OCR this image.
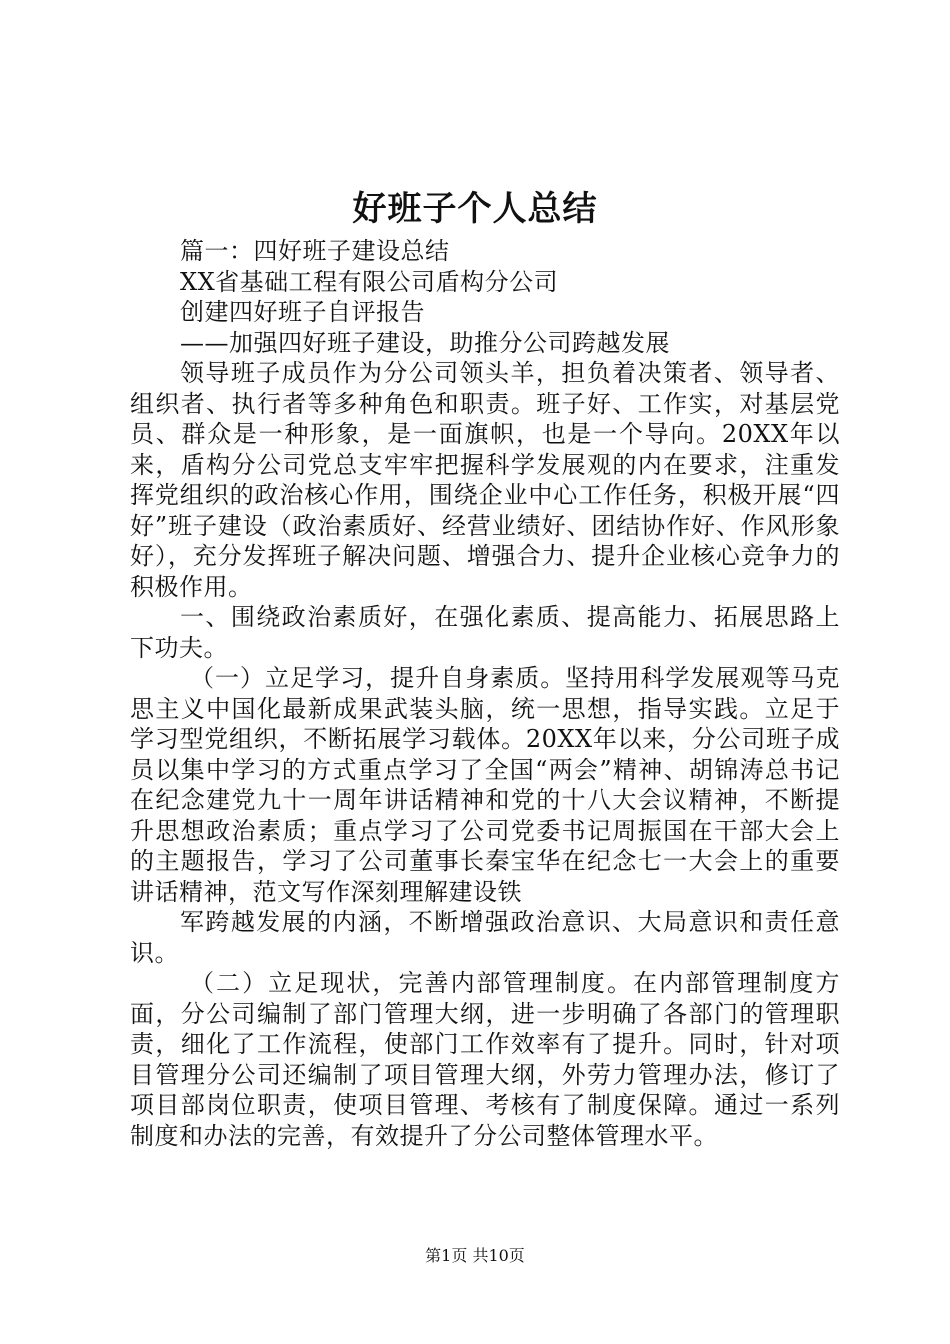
好班子个人总结

篇一：四好班子建设总结

XX省基础工程有限公司盾构分公司

创建四好班子自评报告

——加强四好班子建设，助推分公司跨越发展

领导班子成员作为分公司领头羊，担负着决策者、领导者、组织者、执行者等多种角色和职责。班子好、工作实，对基层党员、群众是一种形象，是一面旗帜，也是一个导向。20XX年以来，盾构分公司党总支牢牢把握科学发展观的内在要求，注重发挥党组织的政治核心作用，围绕企业中心工作任务，积极开展“四好”班子建设（政治素质好、经营业绩好、团结协作好、作风形象好），充分发挥班子解决问题、增强合力、提升企业核心竞争力的积极作用。

一、围绕政治素质好，在强化素质、提高能力、拓展思路上下功夫。

（一）立足学习，提升自身素质。坚持用科学发展观等马克思主义中国化最新成果武装头脑，统一思想，指导实践。立足于学习型党组织，不断拓展学习载体。20XX年以来，分公司班子成员以集中学习的方式重点学习了全国“两会”精神、胡锦涛总书记在纪念建党九十一周年讲话精神和党的十八大会议精神，不断提升思想政治素质；重点学习了公司党委书记周振国在干部大会上的主题报告，学习了公司董事长秦宝华在纪念七一大会上的重要讲话精神，范文写作深刻理解建设铁

军跨越发展的内涵，不断增强政治意识、大局意识和责任意识。

（二）立足现状，完善内部管理制度。在内部管理制度方面，分公司编制了部门管理大纲，进一步明确了各部门的管理职责，细化了工作流程，使部门工作效率有了提升。同时，针对项目管理分公司还编制了项目管理大纲，外劳力管理办法，修订了项目部岗位职责，使项目管理、考核有了制度保障。通过一系列制度和办法的完善，有效提升了分公司整体管理水平。

第1页 共10页
